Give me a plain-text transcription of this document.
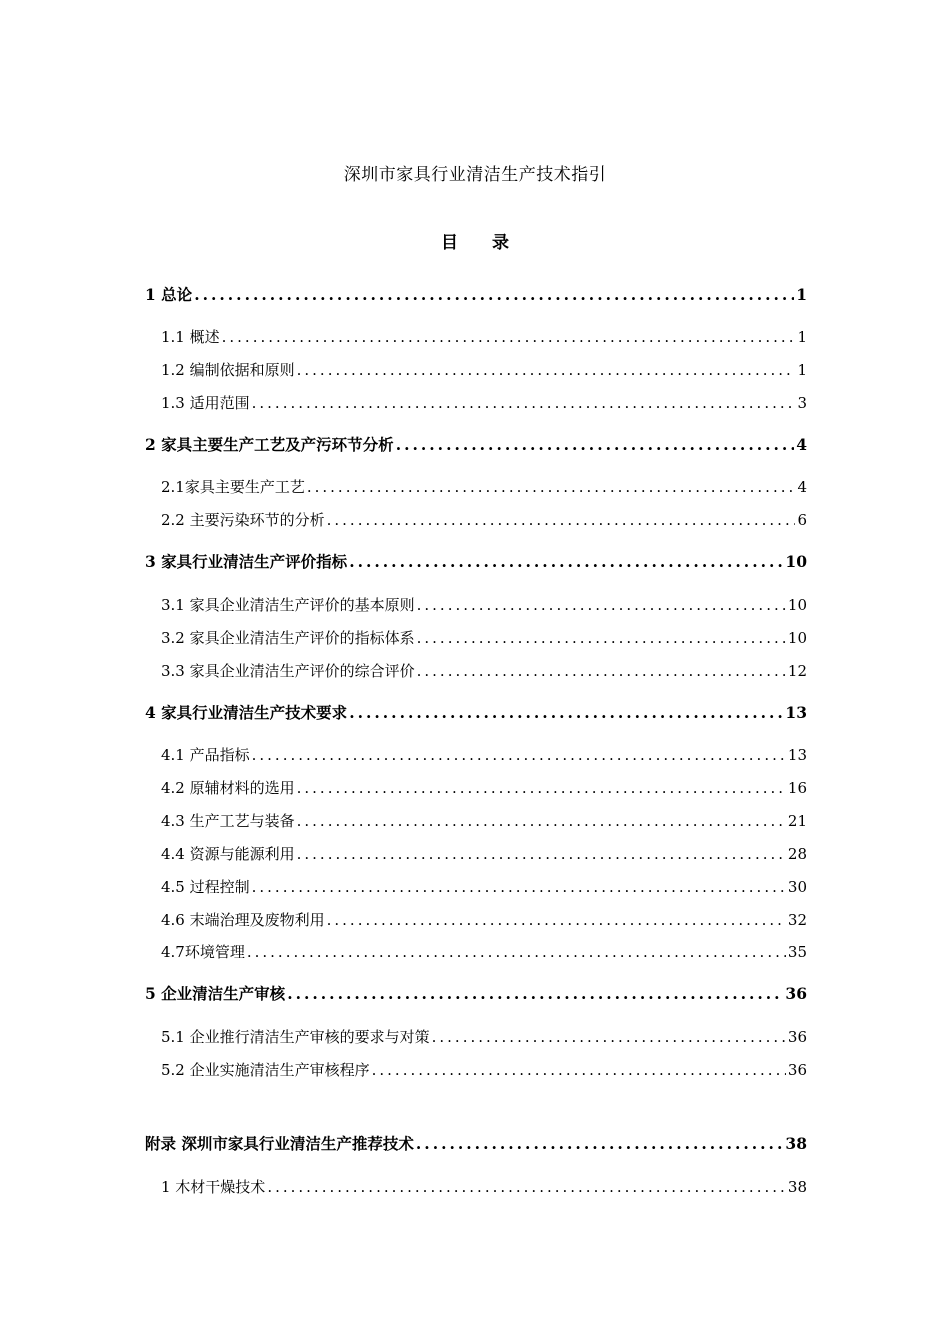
深圳市家具行业清洁生产技术指引
目录
1 总论 .....	1
1.1 概述 .....	1
1.2 编制依据和原则 .....	1
1.3 适用范围 .....	3
2 家具主要生产工艺及产污环节分析 .....	4
2.1家具主要生产工艺 .....	4
2.2 主要污染环节的分析 .....	6
3 家具行业清洁生产评价指标 .....	10
3.1 家具企业清洁生产评价的基本原则 .....	10
3.2 家具企业清洁生产评价的指标体系 .....	10
3.3 家具企业清洁生产评价的综合评价 .....	12
4 家具行业清洁生产技术要求 .....	13
4.1 产品指标 .....	13
4.2 原辅材料的选用 .....	16
4.3 生产工艺与装备 .....	21
4.4 资源与能源利用 .....	28
4.5 过程控制 .....	30
4.6 末端治理及废物利用 .....	32
4.7环境管理 .....	35
5 企业清洁生产审核 .....	36
5.1 企业推行清洁生产审核的要求与对策 .....	36
5.2 企业实施清洁生产审核程序 .....	36
附录 深圳市家具行业清洁生产推荐技术 .....	38
1 木材干燥技术 .....	38
